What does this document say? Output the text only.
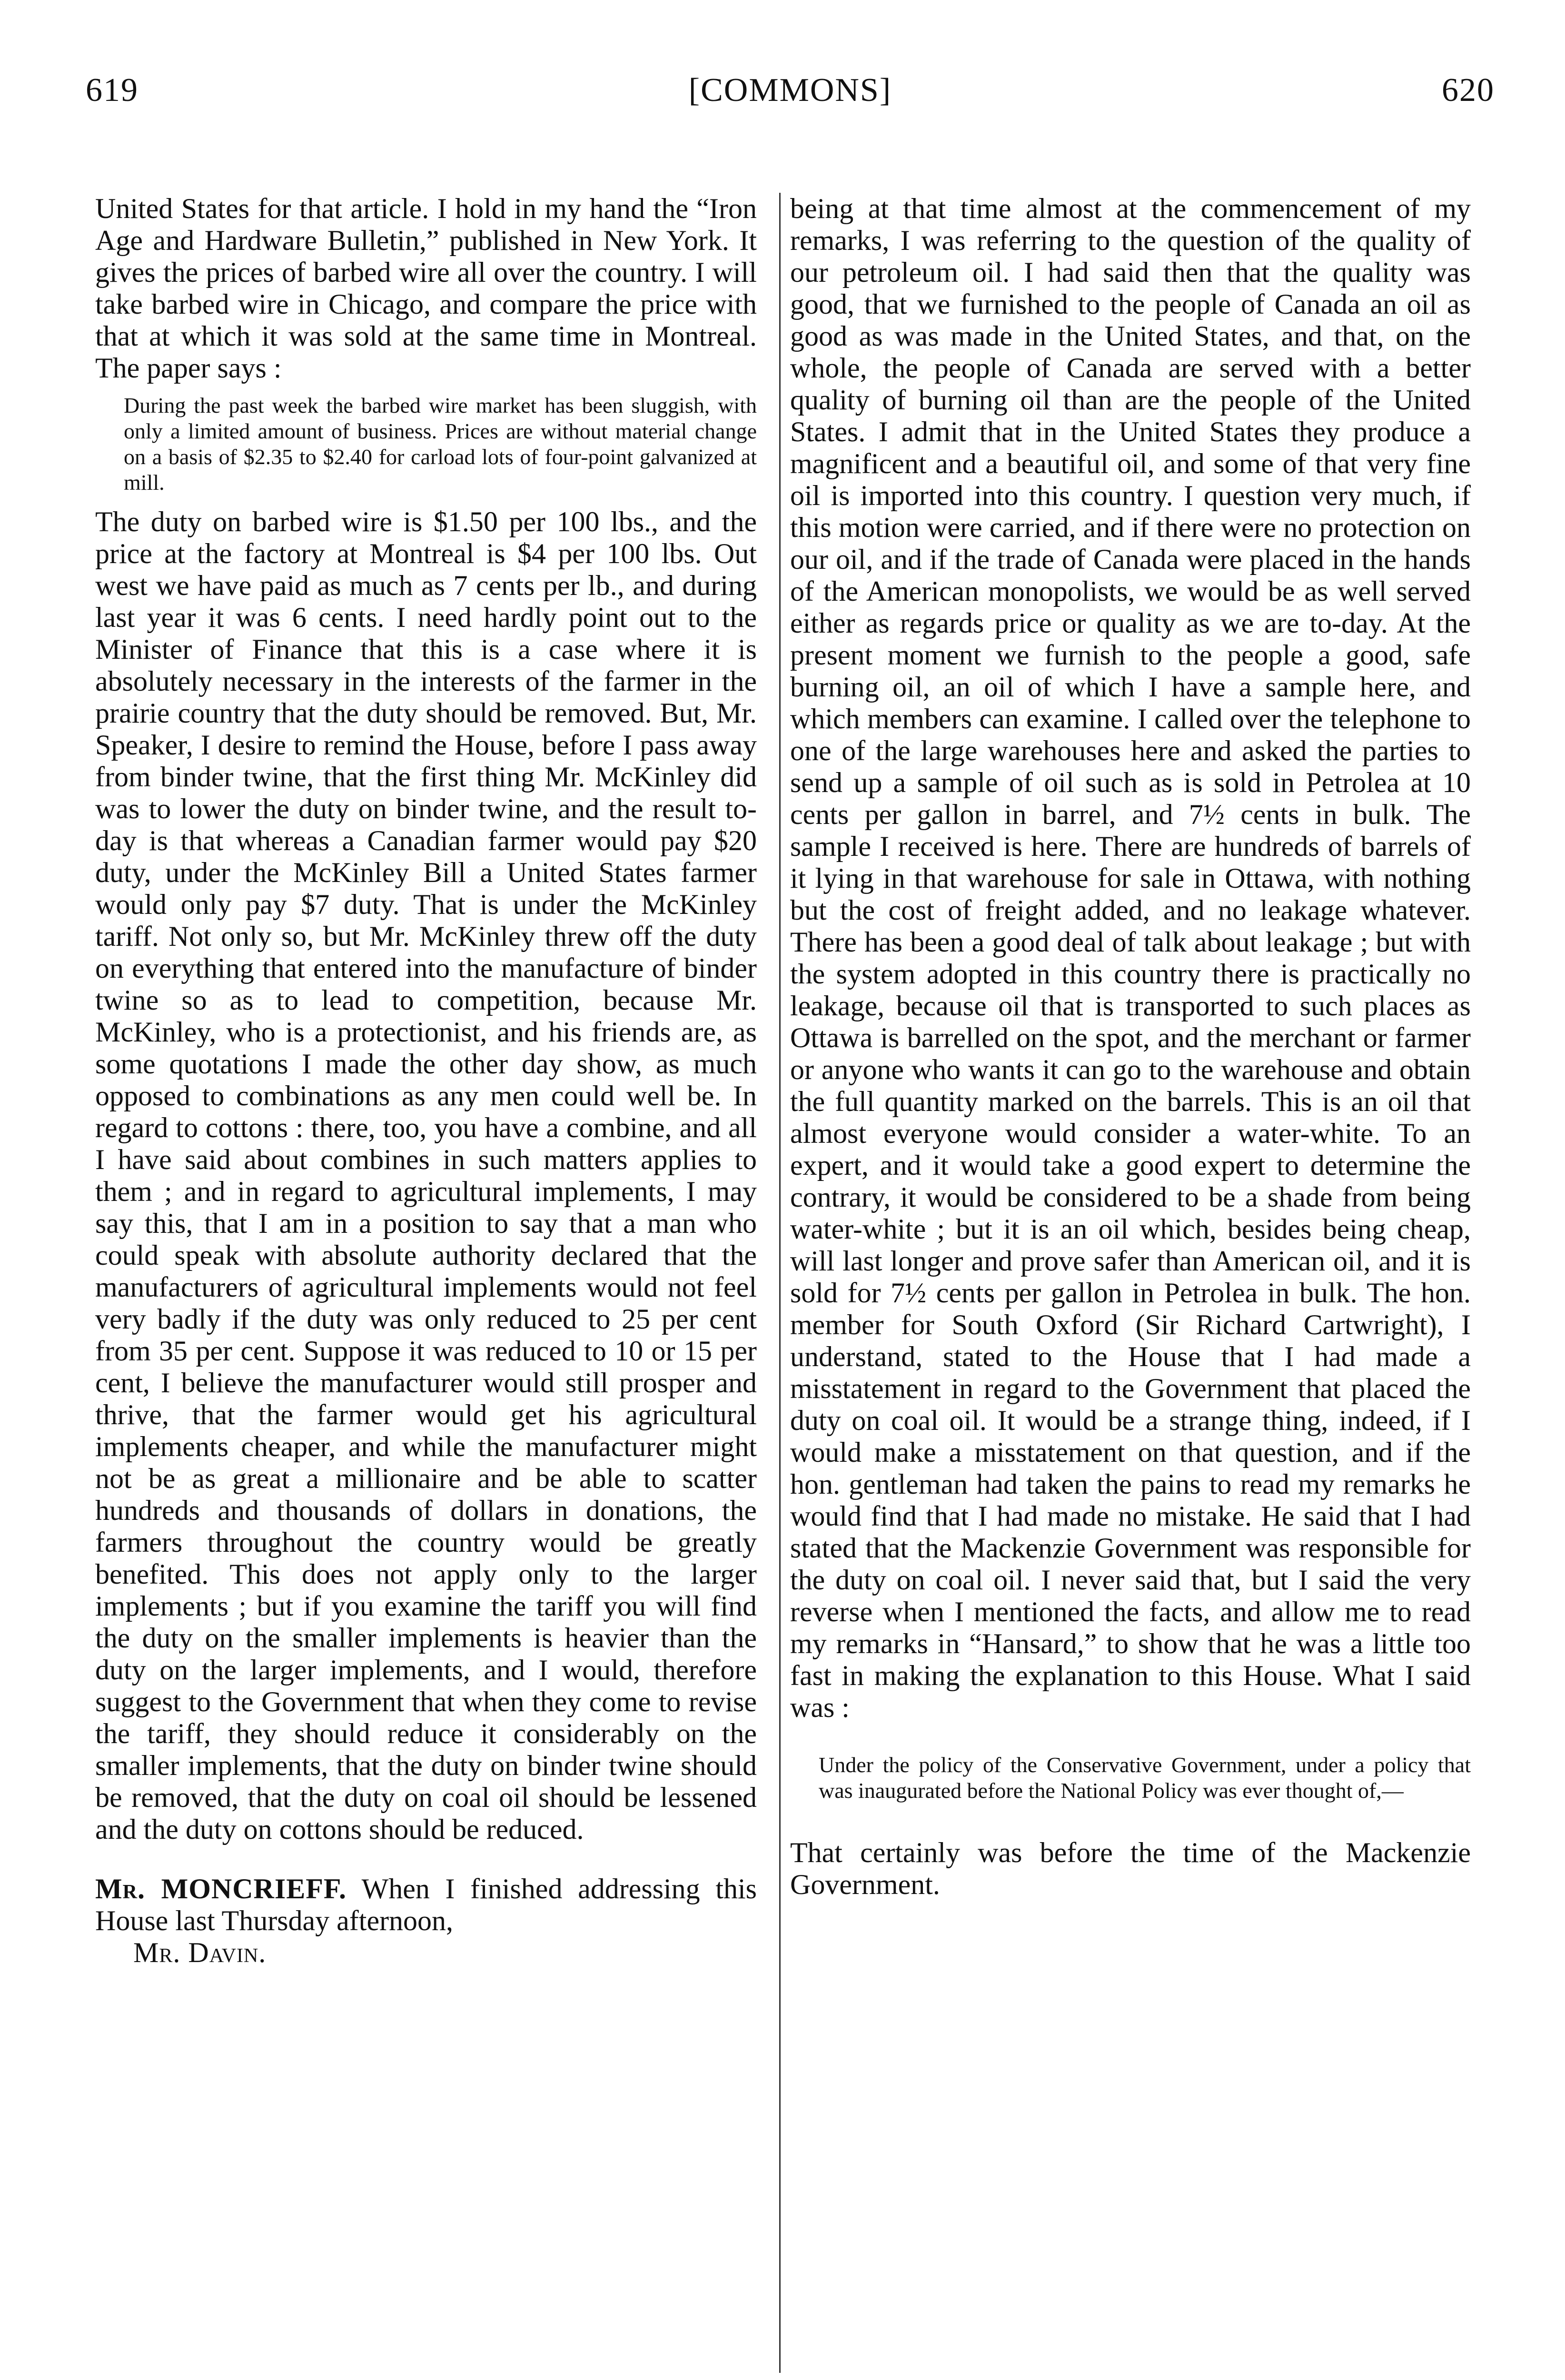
619	[COMMONS]	620

United States for that article. I hold in my hand the “Iron Age and Hardware Bulletin,” published in New York. It gives the prices of barbed wire all over the country. I will take barbed wire in Chicago, and compare the price with that at which it was sold at the same time in Montreal. The paper says :

During the past week the barbed wire market has been sluggish, with only a limited amount of business. Prices are without material change on a basis of $2.35 to $2.40 for carload lots of four-point galvanized at mill.

The duty on barbed wire is $1.50 per 100 lbs., and the price at the factory at Montreal is $4 per 100 lbs. Out west we have paid as much as 7 cents per lb., and during last year it was 6 cents. I need hardly point out to the Minister of Finance that this is a case where it is absolutely necessary in the interests of the farmer in the prairie country that the duty should be removed. But, Mr. Speaker, I desire to remind the House, before I pass away from binder twine, that the first thing Mr. McKinley did was to lower the duty on binder twine, and the result to-day is that whereas a Canadian farmer would pay $20 duty, under the McKinley Bill a United States farmer would only pay $7 duty. That is under the McKinley tariff. Not only so, but Mr. McKinley threw off the duty on everything that entered into the manufacture of binder twine so as to lead to competition, because Mr. McKinley, who is a protectionist, and his friends are, as some quotations I made the other day show, as much opposed to combinations as any men could well be. In regard to cottons : there, too, you have a combine, and all I have said about combines in such matters applies to them ; and in regard to agricultural implements, I may say this, that I am in a position to say that a man who could speak with absolute authority declared that the manufacturers of agricultural implements would not feel very badly if the duty was only reduced to 25 per cent from 35 per cent. Suppose it was reduced to 10 or 15 per cent, I believe the manufacturer would still prosper and thrive, that the farmer would get his agricultural implements cheaper, and while the manufacturer might not be as great a millionaire and be able to scatter hundreds and thousands of dollars in donations, the farmers throughout the country would be greatly benefited. This does not apply only to the larger implements ; but if you examine the tariff you will find the duty on the smaller implements is heavier than the duty on the larger implements, and I would, therefore suggest to the Government that when they come to revise the tariff, they should reduce it considerably on the smaller implements, that the duty on binder twine should be removed, that the duty on coal oil should be lessened and the duty on cottons should be reduced.

Mr. MONCRIEFF. When I finished addressing this House last Thursday afternoon,

Mr. Davin.

being at that time almost at the commencement of my remarks, I was referring to the question of the quality of our petroleum oil. I had said then that the quality was good, that we furnished to the people of Canada an oil as good as was made in the United States, and that, on the whole, the people of Canada are served with a better quality of burning oil than are the people of the United States. I admit that in the United States they produce a magnificent and a beautiful oil, and some of that very fine oil is imported into this country. I question very much, if this motion were carried, and if there were no protection on our oil, and if the trade of Canada were placed in the hands of the American monopolists, we would be as well served either as regards price or quality as we are to-day. At the present moment we furnish to the people a good, safe burning oil, an oil of which I have a sample here, and which members can examine. I called over the telephone to one of the large warehouses here and asked the parties to send up a sample of oil such as is sold in Petrolea at 10 cents per gallon in barrel, and 7½ cents in bulk. The sample I received is here. There are hundreds of barrels of it lying in that warehouse for sale in Ottawa, with nothing but the cost of freight added, and no leakage whatever. There has been a good deal of talk about leakage ; but with the system adopted in this country there is practically no leakage, because oil that is transported to such places as Ottawa is barrelled on the spot, and the merchant or farmer or anyone who wants it can go to the warehouse and obtain the full quantity marked on the barrels. This is an oil that almost everyone would consider a water-white. To an expert, and it would take a good expert to determine the contrary, it would be considered to be a shade from being water-white ; but it is an oil which, besides being cheap, will last longer and prove safer than American oil, and it is sold for 7½ cents per gallon in Petrolea in bulk. The hon. member for South Oxford (Sir Richard Cartwright), I understand, stated to the House that I had made a misstatement in regard to the Government that placed the duty on coal oil. It would be a strange thing, indeed, if I would make a misstatement on that question, and if the hon. gentleman had taken the pains to read my remarks he would find that I had made no mistake. He said that I had stated that the Mackenzie Government was responsible for the duty on coal oil. I never said that, but I said the very reverse when I mentioned the facts, and allow me to read my remarks in “Hansard,” to show that he was a little too fast in making the explanation to this House. What I said was :

Under the policy of the Conservative Government, under a policy that was inaugurated before the National Policy was ever thought of,—

That certainly was before the time of the Mackenzie Government.
